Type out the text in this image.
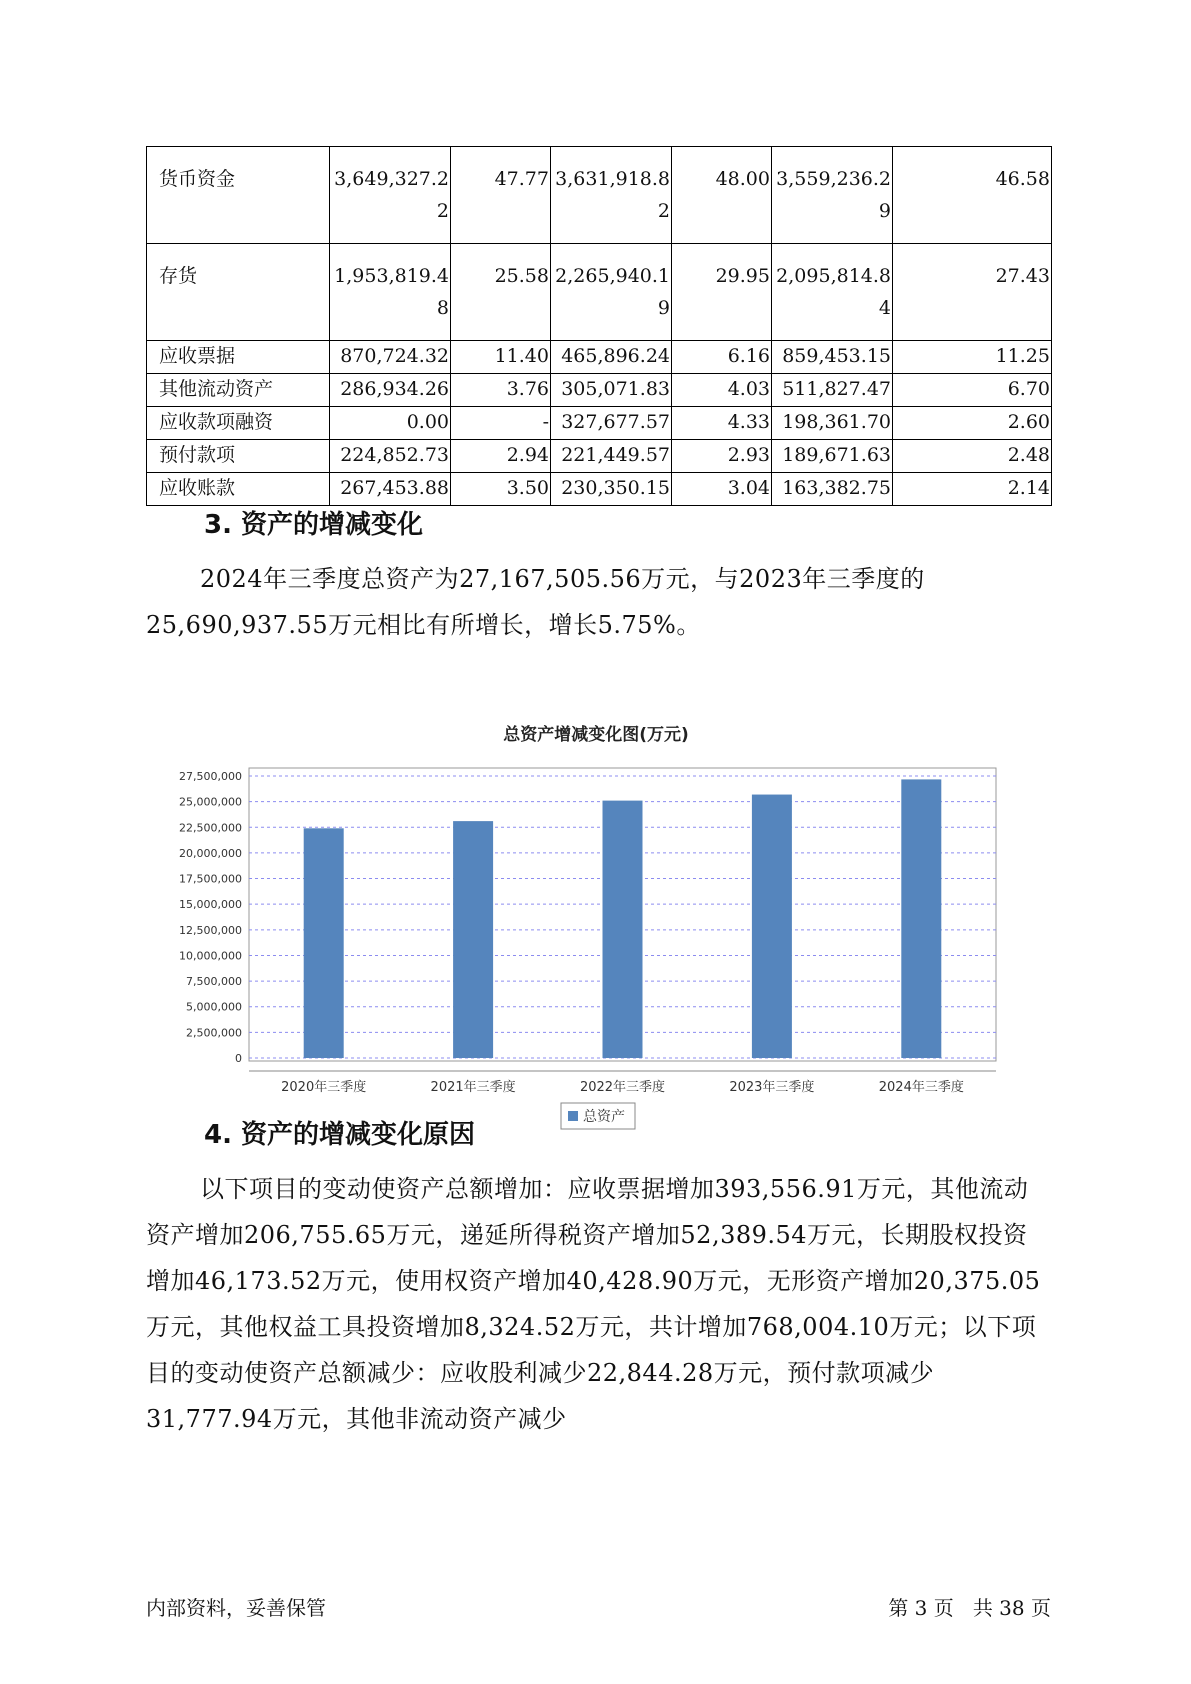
货币资金	3,649,327.22	47.77	3,631,918.82	48.00	3,559,236.29	46.58
存货	1,953,819.48	25.58	2,265,940.19	29.95	2,095,814.84	27.43
应收票据	870,724.32	11.40	465,896.24	6.16	859,453.15	11.25
其他流动资产	286,934.26	3.76	305,071.83	4.03	511,827.47	6.70
应收款项融资	0.00	-	327,677.57	4.33	198,361.70	2.60
预付款项	224,852.73	2.94	221,449.57	2.93	189,671.63	2.48
应收账款	267,453.88	3.50	230,350.15	3.04	163,382.75	2.14
3. 资产的增减变化

2024年三季度总资产为27,167,505.56万元，与2023年三季度的25,690,937.55万元相比有所增长，增长5.75%。

总资产增减变化图(万元)
0
2,500,000
5,000,000
7,500,000
10,000,000
12,500,000
15,000,000
17,500,000
20,000,000
22,500,000
25,000,000
27,500,000
2020年三季度	2021年三季度	2022年三季度	2023年三季度	2024年三季度
总资产
4. 资产的增减变化原因

以下项目的变动使资产总额增加：应收票据增加393,556.91万元，其他流动资产增加206,755.65万元，递延所得税资产增加52,389.54万元，长期股权投资增加46,173.52万元，使用权资产增加40,428.90万元，无形资产增加20,375.05万元，其他权益工具投资增加8,324.52万元，共计增加768,004.10万元；以下项目的变动使资产总额减少：应收股利减少22,844.28万元，预付款项减少31,777.94万元，其他非流动资产减少

内部资料，妥善保管	第 3 页   共 38 页
